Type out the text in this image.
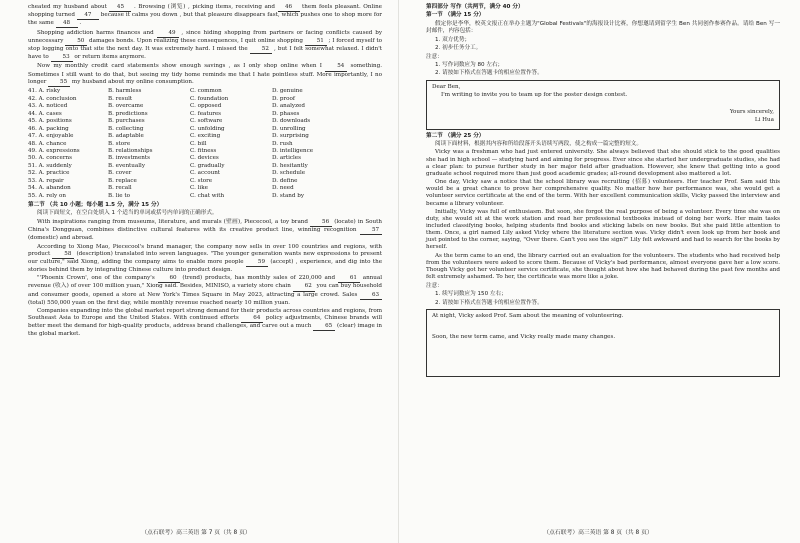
cheated my husband about 45 . Browsing (浏览) , picking items, receiving and 46 them feels pleasant. Online shopping turned 47 because it calms you down , but that pleasure disappears fast, which pushes one to shop more for the same 48 .

Shopping addiction harms finances and 49 , since hiding shopping from partners or facing conflicts caused by unnecessary 50 damages bonds. Upon realizing these consequences, I quit online shopping 51 ; I forced myself to stop logging onto that site the next day. It was extremely hard. I missed the 52 , but I felt somewhat relaxed. I didn't have to 53 or return items anymore.

Now my monthly credit card statements show enough savings , as I only shop online when I 54 something. Sometimes I still want to do that, but seeing my tidy home reminds me that I hate pointless stuff. More importantly, I no longer 55 my husband about my online consumption.

41. A. risky	B. harmless	C. common	D. genuine
42. A. conclusion	B. result	C. foundation	D. proof
43. A. noticed	B. overcame	C. opposed	D. analyzed
44. A. cases	B. predictions	C. features	D. phases
45. A. positions	B. purchases	C. software	D. downloads
46. A. packing	B. collecting	C. unfolding	D. unrolling
47. A. enjoyable	B. adaptable	C. exciting	D. surprising
48. A. chance	B. store	C. bill	D. rush
49. A. expressions	B. relationships	C. fitness	D. intelligence
50. A. concerns	B. investments	C. devices	D. articles
51. A. suddenly	B. eventually	C. gradually	D. hesitantly
52. A. practice	B. cover	C. account	D. schedule
53. A. repair	B. replace	C. store	D. define
54. A. abandon	B. recall	C. like	D. need
55. A. rely on	B. lie to	C. chat with	D. stand by

第二节 （共 10 小题；每小题 1.5 分，满分 15 分）

阅读下面短文，在空白处填入 1 个适当的单词或括号内单词的正确形式。

With inspirations ranging from museums, literature, and murals (壁画), Piececool, a toy brand 56 (locate) in South China's Dongguan, combines distinctive cultural features with its creative product line, winning recognition 57 (domestic) and abroad.

According to Xiong Mao, Piececool's brand manager, the company now sells in over 100 countries and regions, with product 58 (description) translated into seven languages. "The younger generation wants new expressions to present our culture," said Xiong, adding the company aims to enable more people 59 (accept) , experience, and dig into the stories behind them by integrating Chinese culture into product design.

"'Phoenix Crown', one of the company's 60 (trend) products, has monthly sales of 220,000 and 61 annual revenue (收入) of over 100 million yuan," Xiong said. Besides, MINISO, a variety store chain 62 you can buy household and consumer goods, opened a store at New York's Times Square in May 2023, attracting a large crowd. Sales 63 (total) 550,000 yuan on the first day, while monthly revenue reached nearly 10 million yuan.

Companies expanding into the global market report strong demand for their products across countries and regions, from Southeast Asia to Europe and the United States. With continued efforts 64 policy adjustments, Chinese brands will better meet the demand for high-quality products, address brand challenges, and carve out a much 65 (clear) image in the global market.

（点石联考）高三英语 第 7 页（共 8 页）

第四部分 写作（共两节，满分 40 分）

第一节 （满分 15 分）

假定你是李华，校英文报正在举办主题为"Global Festivals"的海报设计比赛，你想邀请到留学生 Ben 共同创作参赛作品。请给 Ben 写一封邮件，内容包括：

1. 双方优势；

2. 初步任务分工。

注意：

1. 写作词数应为 80 左右；

2. 请按如下格式在答题卡的相应位置作答。

Dear Ben,

I'm writing to invite you to team up for the poster design contest.

Yours sincerely,

Li Hua

第二节 （满分 25 分）

阅读下面材料，根据其内容和所给段落开头语续写两段，使之构成一篇完整的短文。

Vicky was a freshman who had just entered university. She always believed that she should stick to the good qualities she had in high school — studying hard and aiming for progress. Ever since she started her undergraduate studies, she had a clear plan: to pursue further study in her major field after graduation. However, she knew that getting into a good graduate school required more than just good academic grades; all-round development also mattered a lot.

One day, Vicky saw a notice that the school library was recruiting (招募) volunteers. Her teacher Prof. Sam said this would be a great chance to prove her comprehensive quality. No matter how her performance was, she would get a volunteer service certificate at the end of the term. With her excellent communication skills, Vicky passed the interview and became a library volunteer.

Initially, Vicky was full of enthusiasm. But soon, she forgot the real purpose of being a volunteer. Every time she was on duty, she would sit at the work station and read her professional textbooks instead of doing her work. Her main tasks included classifying books, helping students find books and sticking labels on new books. But she paid little attention to them. Once, a girl named Lily asked Vicky where the literature section was. Vicky didn't even look up from her book and just pointed to the corner, saying, "Over there. Can't you see the sign?" Lily felt awkward and had to search for the books by herself.

As the term came to an end, the library carried out an evaluation for the volunteers. The students who had received help from the volunteers were asked to score them. Because of Vicky's bad performance, almost everyone gave her a low score. Though Vicky got her volunteer service certificate, she thought about how she had behaved during the past few months and felt extremely ashamed. To her, the certificate was more like a joke.

注意：

1. 续写词数应为 150 左右；

2. 请按如下格式在答题卡的相应位置作答。

At night, Vicky asked Prof. Sam about the meaning of volunteering.

Soon, the new term came, and Vicky really made many changes.

（点石联考）高三英语 第 8 页（共 8 页）
